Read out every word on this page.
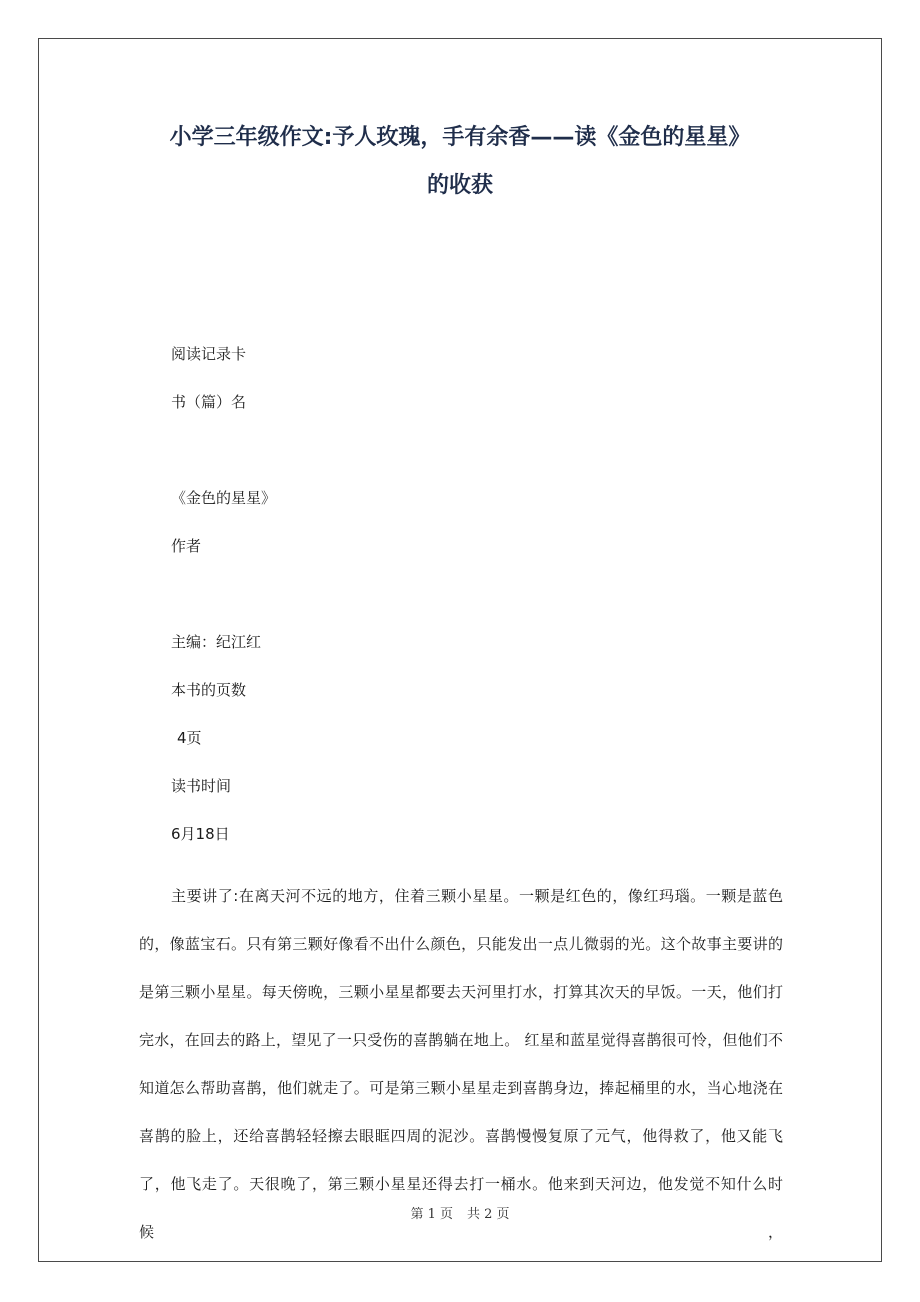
小学三年级作文:予人玫瑰，手有余香——读《金色的星星》
的收获

阅读记录卡

书（篇）名

《金色的星星》

作者

主编：纪江红

本书的页数

4页

读书时间

6月18日

主要讲了:在离天河不远的地方，住着三颗小星星。一颗是红色的，像红玛瑙。一颗是蓝色的，像蓝宝石。只有第三颗好像看不出什么颜色，只能发出一点儿微弱的光。这个故事主要讲的是第三颗小星星。每天傍晚，三颗小星星都要去天河里打水，打算其次天的早饭。一天，他们打完水，在回去的路上，望见了一只受伤的喜鹊躺在地上。 红星和蓝星觉得喜鹊很可怜，但他们不知道怎么帮助喜鹊，他们就走了。可是第三颗小星星走到喜鹊身边，捧起桶里的水，当心地浇在喜鹊的脸上，还给喜鹊轻轻擦去眼眶四周的泥沙。喜鹊慢慢复原了元气，他得救了，他又能飞了，他飞走了。天很晚了，第三颗小星星还得去打一桶水。他来到天河边，他发觉不知什么时候，

第 1 页 共 2 页
